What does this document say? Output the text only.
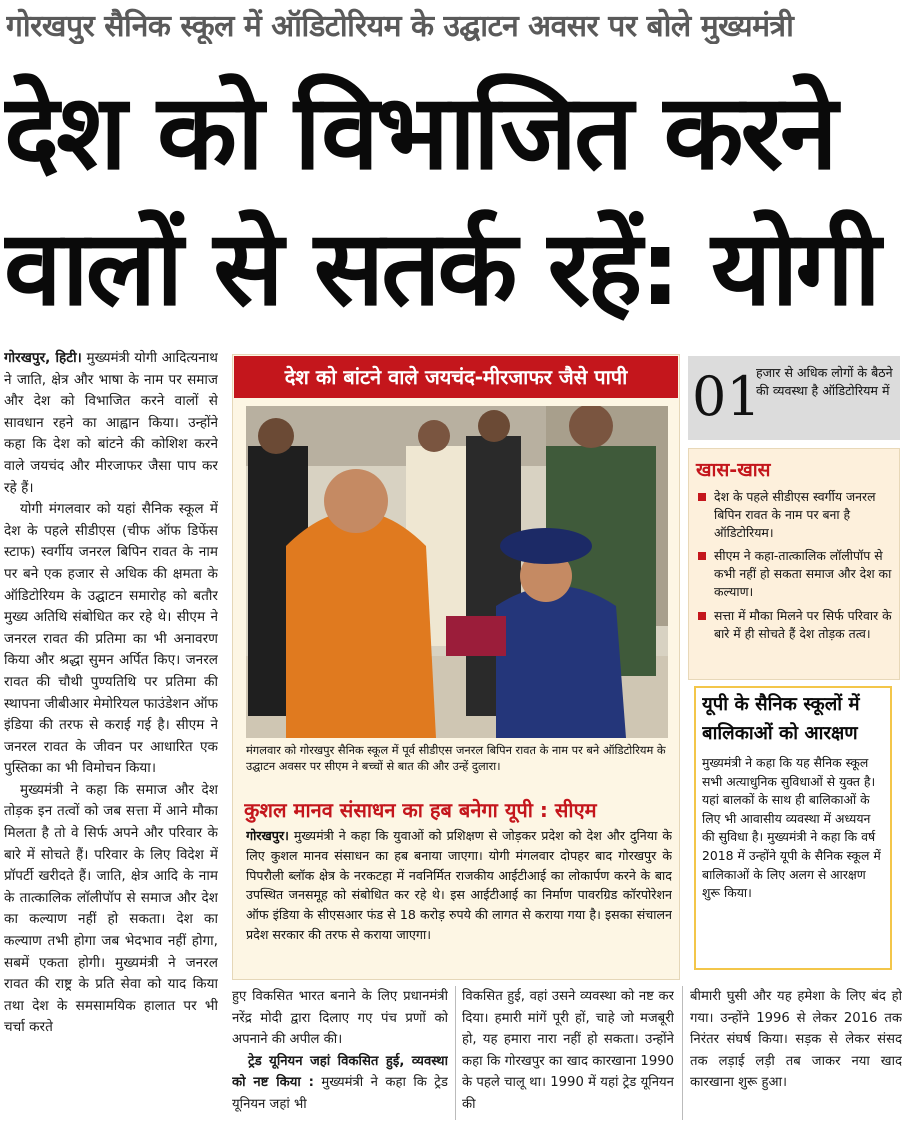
गोरखपुर सैनिक स्कूल में ऑडिटोरियम के उद्घाटन अवसर पर बोले मुख्यमंत्री
देश को विभाजित करने
वालों से सतर्क रहें: योगी

गोरखपुर, हिटी। मुख्यमंत्री योगी आदित्यनाथ ने जाति, क्षेत्र और भाषा के नाम पर समाज और देश को विभाजित करने वालों से सावधान रहने का आह्वान किया। उन्होंने कहा कि देश को बांटने की कोशिश करने वाले जयचंद और मीरजाफर जैसा पाप कर रहे हैं।

योगी मंगलवार को यहां सैनिक स्कूल में देश के पहले सीडीएस (चीफ ऑफ डिफेंस स्टाफ) स्वर्गीय जनरल बिपिन रावत के नाम पर बने एक हजार से अधिक की क्षमता के ऑडिटोरियम के उद्घाटन समारोह को बतौर मुख्य अतिथि संबोधित कर रहे थे। सीएम ने जनरल रावत की प्रतिमा का भी अनावरण किया और श्रद्धा सुमन अर्पित किए। जनरल रावत की चौथी पुण्यतिथि पर प्रतिमा की स्थापना जीबीआर मेमोरियल फाउंडेशन ऑफ इंडिया की तरफ से कराई गई है। सीएम ने जनरल रावत के जीवन पर आधारित एक पुस्तिका का भी विमोचन किया।

मुख्यमंत्री ने कहा कि समाज और देश तोड़क इन तत्वों को जब सत्ता में आने मौका मिलता है तो वे सिर्फ अपने और परिवार के बारे में सोचते हैं। परिवार के लिए विदेश में प्रॉपर्टी खरीदते हैं। जाति, क्षेत्र आदि के नाम के तात्कालिक लॉलीपॉप से समाज और देश का कल्याण नहीं हो सकता। देश का कल्याण तभी होगा जब भेदभाव नहीं होगा, सबमें एकता होगी। मुख्यमंत्री ने जनरल रावत की राष्ट्र के प्रति सेवा को याद किया तथा देश के समसामयिक हालात पर भी चर्चा करते

देश को बांटने वाले जयचंद-मीरजाफर जैसे पापी
मंगलवार को गोरखपुर सैनिक स्कूल में पूर्व सीडीएस जनरल बिपिन रावत के नाम पर बने ऑडिटोरियम के उद्घाटन अवसर पर सीएम ने बच्चों से बात की और उन्हें दुलारा।
कुशल मानव संसाधन का हब बनेगा यूपी : सीएम
गोरखपुर। मुख्यमंत्री ने कहा कि युवाओं को प्रशिक्षण से जोड़कर प्रदेश को देश और दुनिया के लिए कुशल मानव संसाधन का हब बनाया जाएगा। योगी मंगलवार दोपहर बाद गोरखपुर के पिपरौली ब्लॉक क्षेत्र के नरकटहा में नवनिर्मित राजकीय आईटीआई का लोकार्पण करने के बाद उपस्थित जनसमूह को संबोधित कर रहे थे। इस आईटीआई का निर्माण पावरग्रिड कॉरपोरेशन ऑफ इंडिया के सीएसआर फंड से 18 करोड़ रुपये की लागत से कराया गया है। इसका संचालन प्रदेश सरकार की तरफ से कराया जाएगा।
01
हजार से अधिक लोगों के बैठने की व्यवस्था है ऑडिटोरियम में
खास-खास
देश के पहले सीडीएस स्वर्गीय जनरल बिपिन रावत के नाम पर बना है ऑडिटोरियम।
सीएम ने कहा-तात्कालिक लॉलीपॉप से कभी नहीं हो सकता समाज और देश का कल्याण।
सत्ता में मौका मिलने पर सिर्फ परिवार के बारे में ही सोचते हैं देश तोड़क तत्व।
यूपी के सैनिक स्कूलों में बालिकाओं को आरक्षण
मुख्यमंत्री ने कहा कि यह सैनिक स्कूल सभी अत्याधुनिक सुविधाओं से युक्त है। यहां बालकों के साथ ही बालिकाओं के लिए भी आवासीय व्यवस्था में अध्ययन की सुविधा है। मुख्यमंत्री ने कहा कि वर्ष 2018 में उन्होंने यूपी के सैनिक स्कूल में बालिकाओं के लिए अलग से आरक्षण शुरू किया।

हुए विकसित भारत बनाने के लिए प्रधानमंत्री नरेंद्र मोदी द्वारा दिलाए गए पंच प्रणों को अपनाने की अपील की।

ट्रेड यूनियन जहां विकसित हुई, व्यवस्था को नष्ट किया : मुख्यमंत्री ने कहा कि ट्रेड यूनियन जहां भी

विकसित हुई, वहां उसने व्यवस्था को नष्ट कर दिया। हमारी मांगें पूरी हों, चाहे जो मजबूरी हो, यह हमारा नारा नहीं हो सकता। उन्होंने कहा कि गोरखपुर का खाद कारखाना 1990 के पहले चालू था। 1990 में यहां ट्रेड यूनियन की

बीमारी घुसी और यह हमेशा के लिए बंद हो गया। उन्होंने 1996 से लेकर 2016 तक निरंतर संघर्ष किया। सड़क से लेकर संसद तक लड़ाई लड़ी तब जाकर नया खाद कारखाना शुरू हुआ।
